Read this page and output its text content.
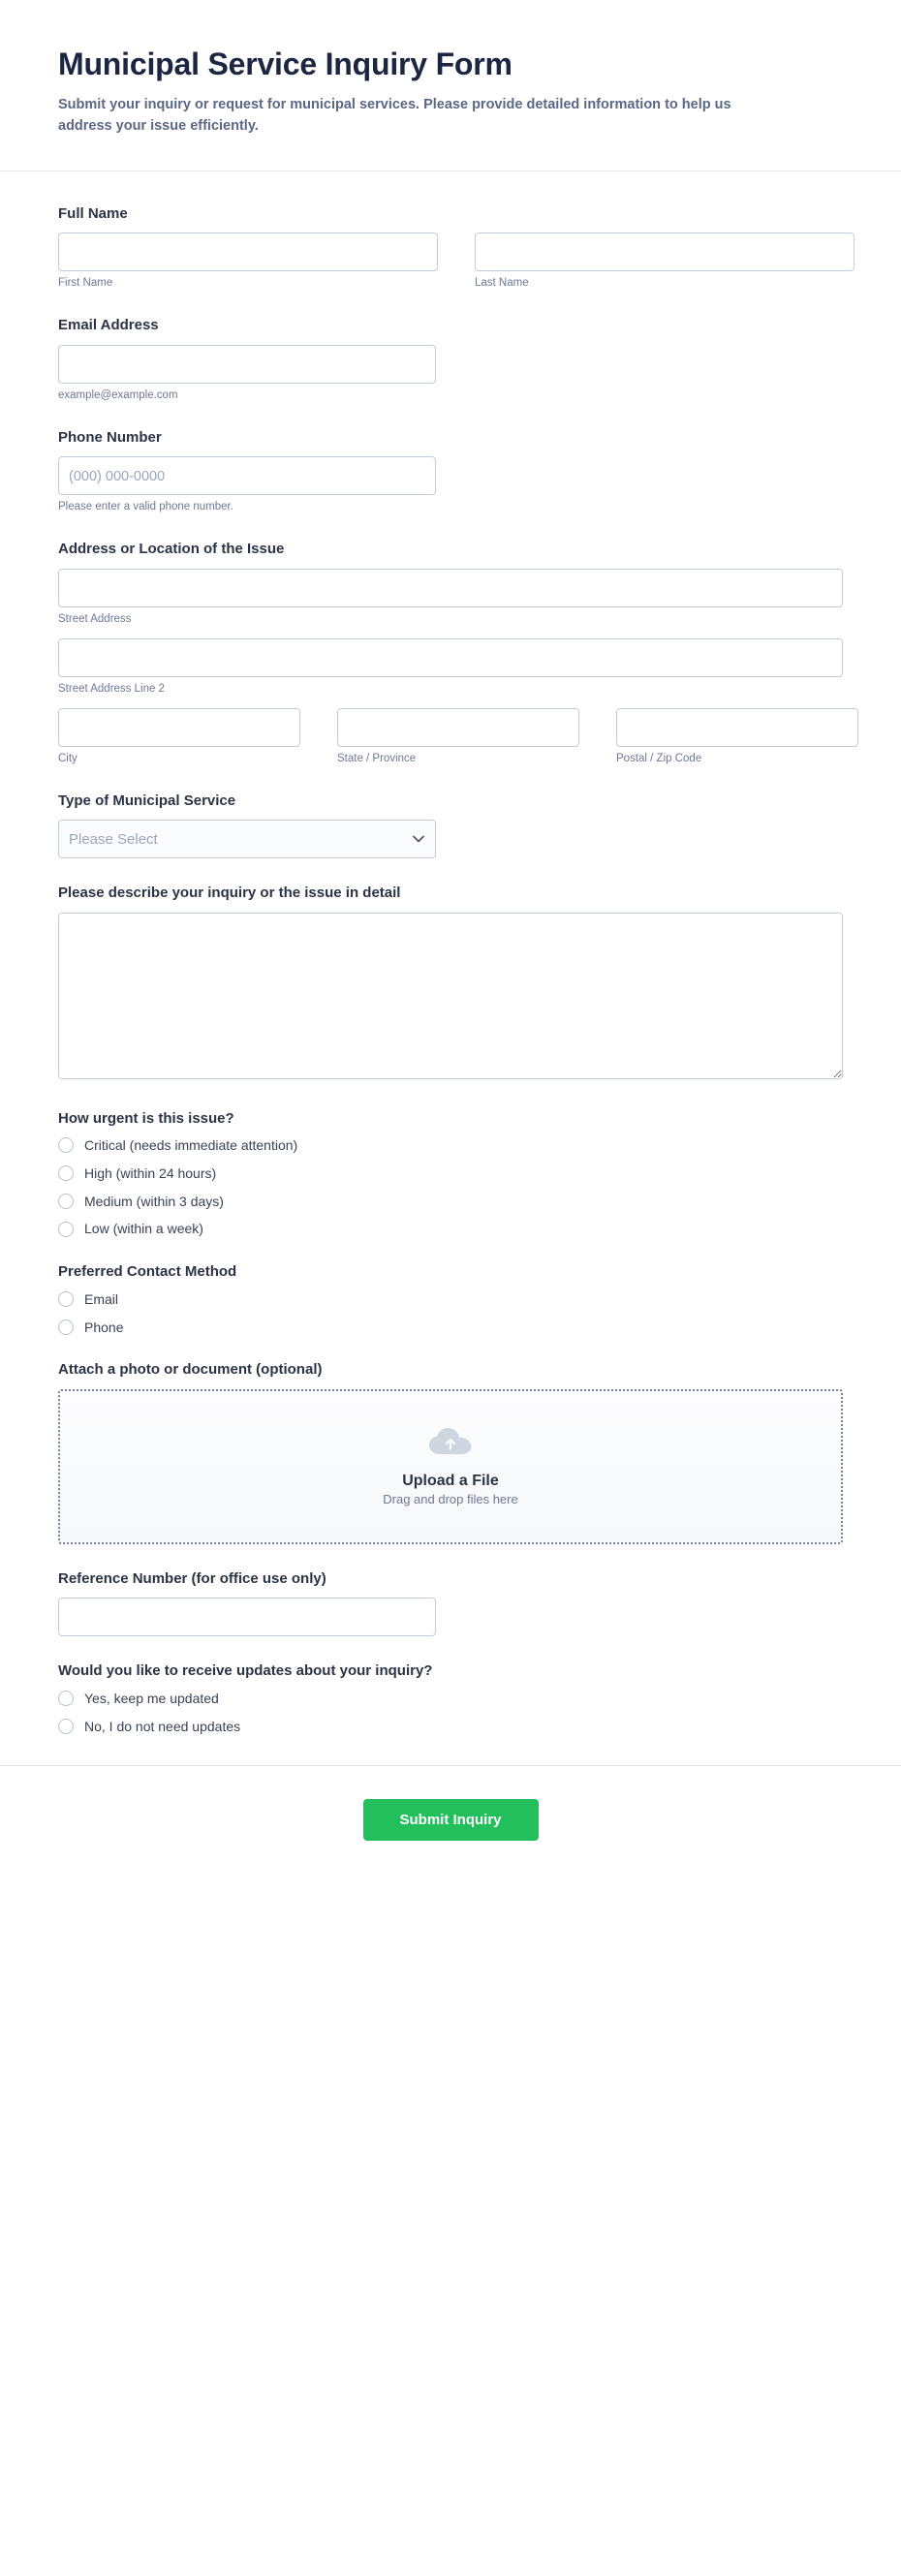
Municipal Service Inquiry Form

Submit your inquiry or request for municipal services. Please provide detailed information to help us address your issue efficiently.

Full Name
First Name	Last Name
Email Address
example@example.com
Phone Number
(000) 000-0000
Please enter a valid phone number.
Address or Location of the Issue
Street Address
Street Address Line 2
City	State / Province	Postal / Zip Code
Type of Municipal Service
Please Select
Please describe your inquiry or the issue in detail
How urgent is this issue?
Critical (needs immediate attention)
High (within 24 hours)
Medium (within 3 days)
Low (within a week)
Preferred Contact Method
Email
Phone
Attach a photo or document (optional)
Upload a File
Drag and drop files here
Reference Number (for office use only)
Would you like to receive updates about your inquiry?
Yes, keep me updated
No, I do not need updates
Submit Inquiry
